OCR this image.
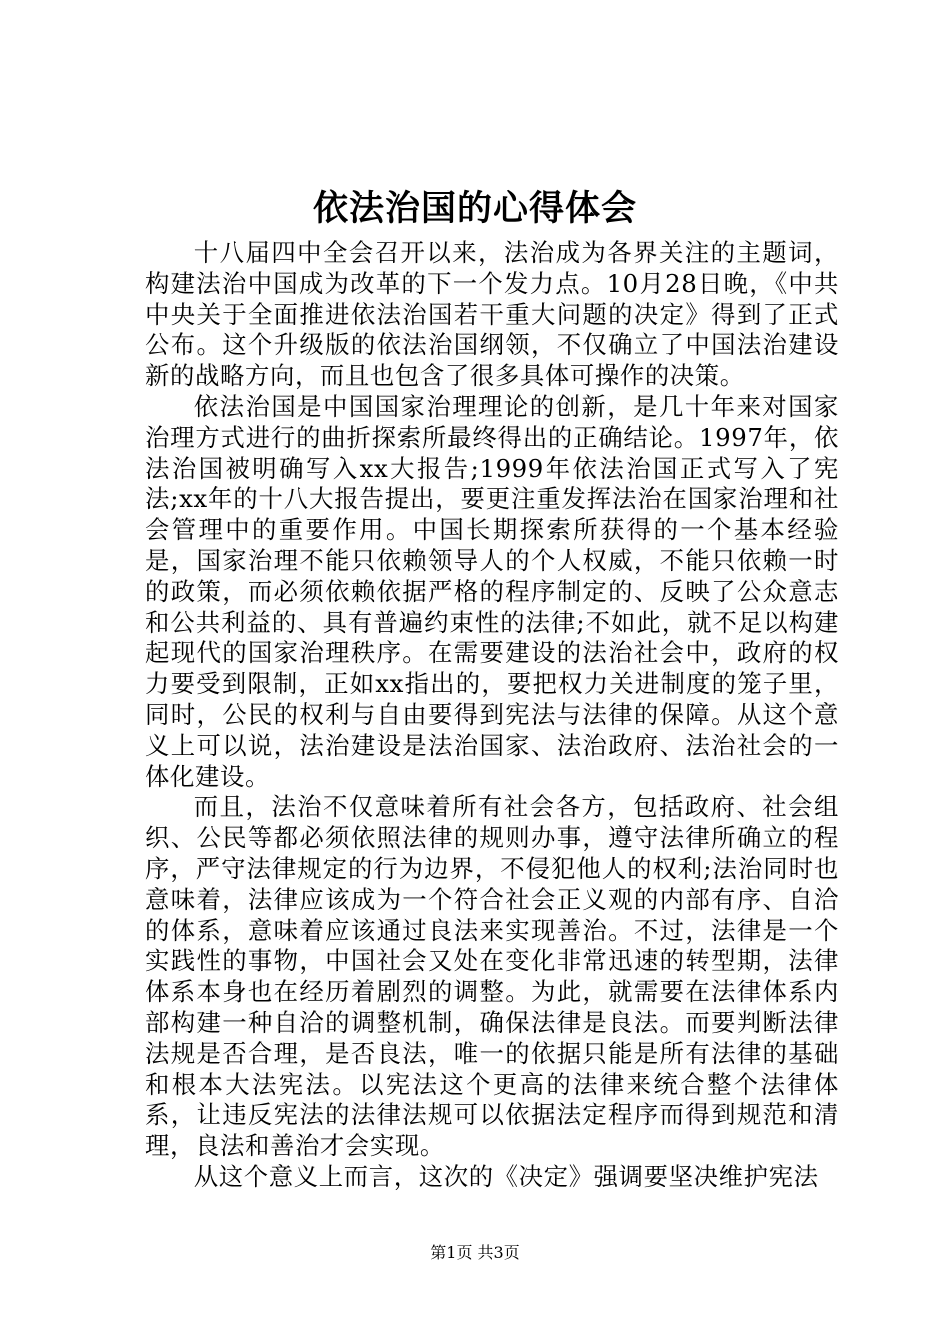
依法治国的心得体会

十八届四中全会召开以来，法治成为各界关注的主题词，构建法治中国成为改革的下一个发力点。10月28日晚，《中共中央关于全面推进依法治国若干重大问题的决定》得到了正式公布。这个升级版的依法治国纲领，不仅确立了中国法治建设新的战略方向，而且也包含了很多具体可操作的决策。

依法治国是中国国家治理理论的创新，是几十年来对国家治理方式进行的曲折探索所最终得出的正确结论。1997年，依法治国被明确写入xx大报告;1999年依法治国正式写入了宪法;xx年的十八大报告提出，要更注重发挥法治在国家治理和社会管理中的重要作用。中国长期探索所获得的一个基本经验是，国家治理不能只依赖领导人的个人权威，不能只依赖一时的政策，而必须依赖依据严格的程序制定的、反映了公众意志和公共利益的、具有普遍约束性的法律;不如此，就不足以构建起现代的国家治理秩序。在需要建设的法治社会中，政府的权力要受到限制，正如xx指出的，要把权力关进制度的笼子里，同时，公民的权利与自由要得到宪法与法律的保障。从这个意义上可以说，法治建设是法治国家、法治政府、法治社会的一体化建设。

而且，法治不仅意味着所有社会各方，包括政府、社会组织、公民等都必须依照法律的规则办事，遵守法律所确立的程序，严守法律规定的行为边界，不侵犯他人的权利;法治同时也意味着，法律应该成为一个符合社会正义观的内部有序、自洽的体系，意味着应该通过良法来实现善治。不过，法律是一个实践性的事物，中国社会又处在变化非常迅速的转型期，法律体系本身也在经历着剧烈的调整。为此，就需要在法律体系内部构建一种自洽的调整机制，确保法律是良法。而要判断法律法规是否合理，是否良法，唯一的依据只能是所有法律的基础和根本大法宪法。以宪法这个更高的法律来统合整个法律体系，让违反宪法的法律法规可以依据法定程序而得到规范和清理，良法和善治才会实现。

从这个意义上而言，这次的《决定》强调要坚决维护宪法

第1页 共3页
